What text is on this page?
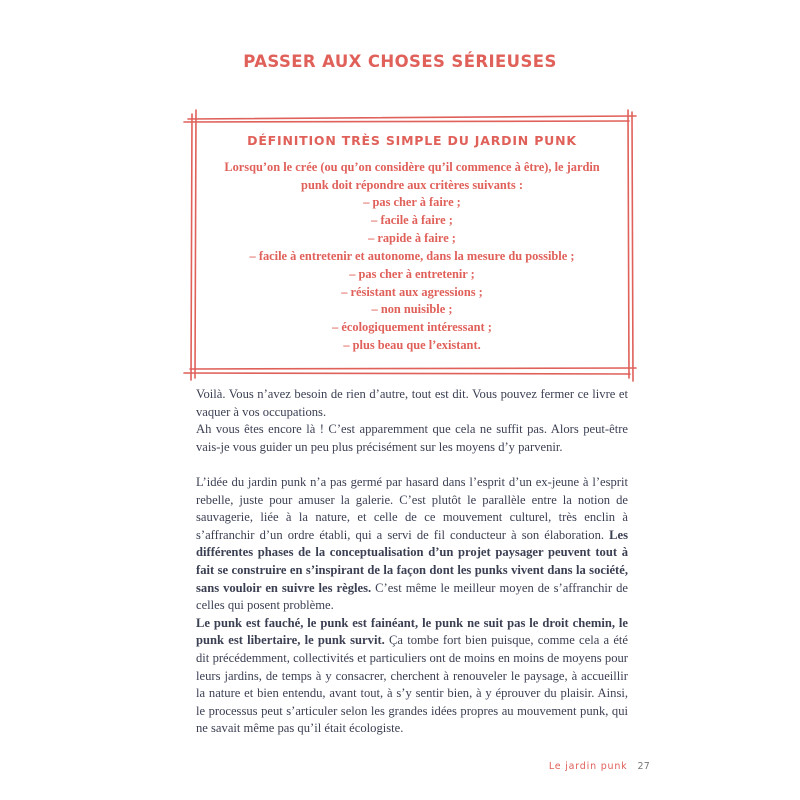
PASSER AUX CHOSES SÉRIEUSES
DÉFINITION TRÈS SIMPLE DU JARDIN PUNK
Lorsqu’on le crée (ou qu’on considère qu’il commence à être), le jardin punk doit répondre aux critères suivants :
– pas cher à faire ;
– facile à faire ;
– rapide à faire ;
– facile à entretenir et autonome, dans la mesure du possible ;
– pas cher à entretenir ;
– résistant aux agressions ;
– non nuisible ;
– écologiquement intéressant ;
– plus beau que l’existant.

Voilà. Vous n’avez besoin de rien d’autre, tout est dit. Vous pouvez fermer ce livre et vaquer à vos occupations.

Ah vous êtes encore là ! C’est apparemment que cela ne suffit pas. Alors peut-être vais-je vous guider un peu plus précisément sur les moyens d’y parvenir.

L’idée du jardin punk n’a pas germé par hasard dans l’esprit d’un ex-jeune à l’esprit rebelle, juste pour amuser la galerie. C’est plutôt le parallèle entre la notion de sauvagerie, liée à la nature, et celle de ce mouvement culturel, très enclin à s’affranchir d’un ordre établi, qui a servi de fil conducteur à son élaboration. Les différentes phases de la conceptualisation d’un projet paysager peuvent tout à fait se construire en s’inspirant de la façon dont les punks vivent dans la société, sans vouloir en suivre les règles. C’est même le meilleur moyen de s’affranchir de celles qui posent problème.

Le punk est fauché, le punk est fainéant, le punk ne suit pas le droit chemin, le punk est libertaire, le punk survit. Ça tombe fort bien puisque, comme cela a été dit précédemment, collectivités et particuliers ont de moins en moins de moyens pour leurs jardins, de temps à y consacrer, cherchent à renouveler le paysage, à accueillir la nature et bien entendu, avant tout, à s’y sentir bien, à y éprouver du plaisir. Ainsi, le processus peut s’articuler selon les grandes idées propres au mouvement punk, qui ne savait même pas qu’il était écologiste.

Le jardin punk 27
